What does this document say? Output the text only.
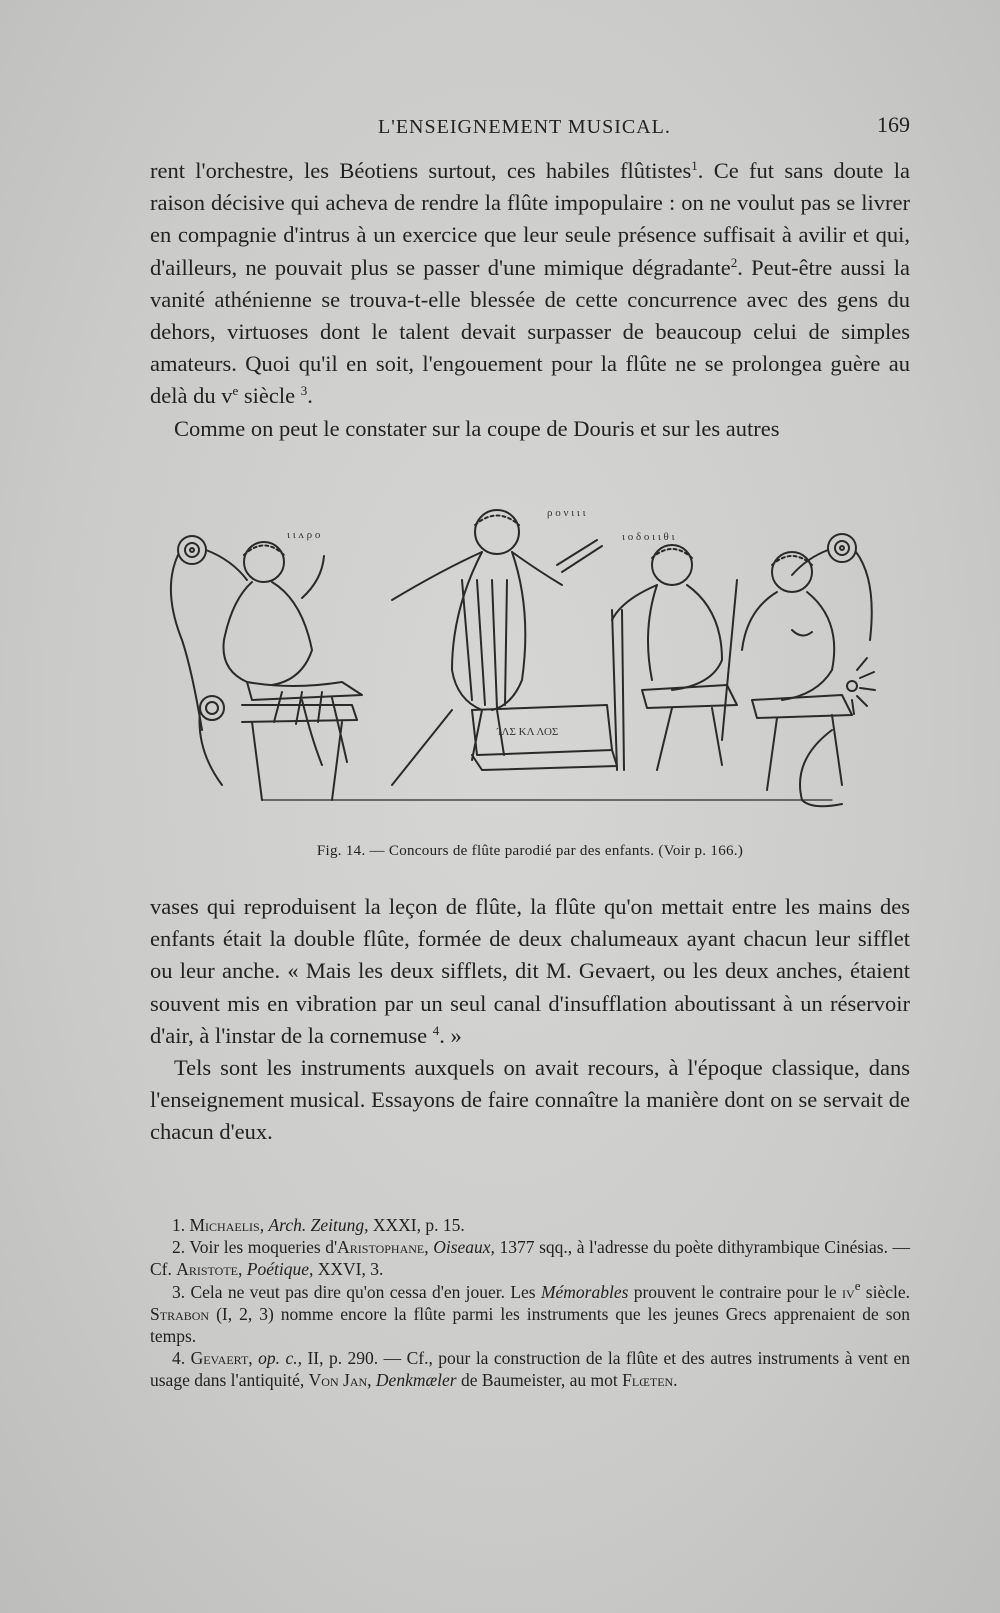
L'ENSEIGNEMENT MUSICAL.	169

rent l'orchestre, les Béotiens surtout, ces habiles flûtistes$^1$. Ce fut sans doute la raison décisive qui acheva de rendre la flûte impopulaire : on ne voulut pas se livrer en compagnie d'intrus à un exercice que leur seule présence suffisait à avilir et qui, d'ailleurs, ne pouvait plus se passer d'une mimique dégradante$^2$. Peut-être aussi la vanité athénienne se trouva-t-elle blessée de cette concurrence avec des gens du dehors, virtuoses dont le talent devait surpasser de beaucoup celui de simples amateurs. Quoi qu'il en soit, l'engouement pour la flûte ne se prolongea guère au delà du $v^e$ siècle $^3$.

Comme on peut le constater sur la coupe de Douris et sur les autres

ι ι ʌ ρ ο
ρ ο ν ι ι ι
ι ο δ ο ι ι θ ι
ΊΛΣ ΚΛ ΛΟΣ
Fig. 14. — Concours de flûte parodié par des enfants. (Voir p. 166.)

vases qui reproduisent la leçon de flûte, la flûte qu'on mettait entre les mains des enfants était la double flûte, formée de deux chalumeaux ayant chacun leur sifflet ou leur anche. « Mais les deux sifflets, dit M. Gevaert, ou les deux anches, étaient souvent mis en vibration par un seul canal d'insufflation aboutissant à un réservoir d'air, à l'instar de la cornemuse $^4$. »

Tels sont les instruments auxquels on avait recours, à l'époque classique, dans l'enseignement musical. Essayons de faire connaître la manière dont on se servait de chacun d'eux.

1. Michaelis, Arch. Zeitung, XXXI, p. 15.

2. Voir les moqueries d'Aristophane, Oiseaux, 1377 sqq., à l'adresse du poète dithyrambique Cinésias. — Cf. Aristote, Poétique, XXVI, 3.

3. Cela ne veut pas dire qu'on cessa d'en jouer. Les Mémorables prouvent le contraire pour le $iv^e$ siècle. Strabon (I, 2, 3) nomme encore la flûte parmi les instruments que les jeunes Grecs apprenaient de son temps.

4. Gevaert, op. c., II, p. 290. — Cf., pour la construction de la flûte et des autres instruments à vent en usage dans l'antiquité, Von Jan, Denkmæler de Baumeister, au mot Flœten.
